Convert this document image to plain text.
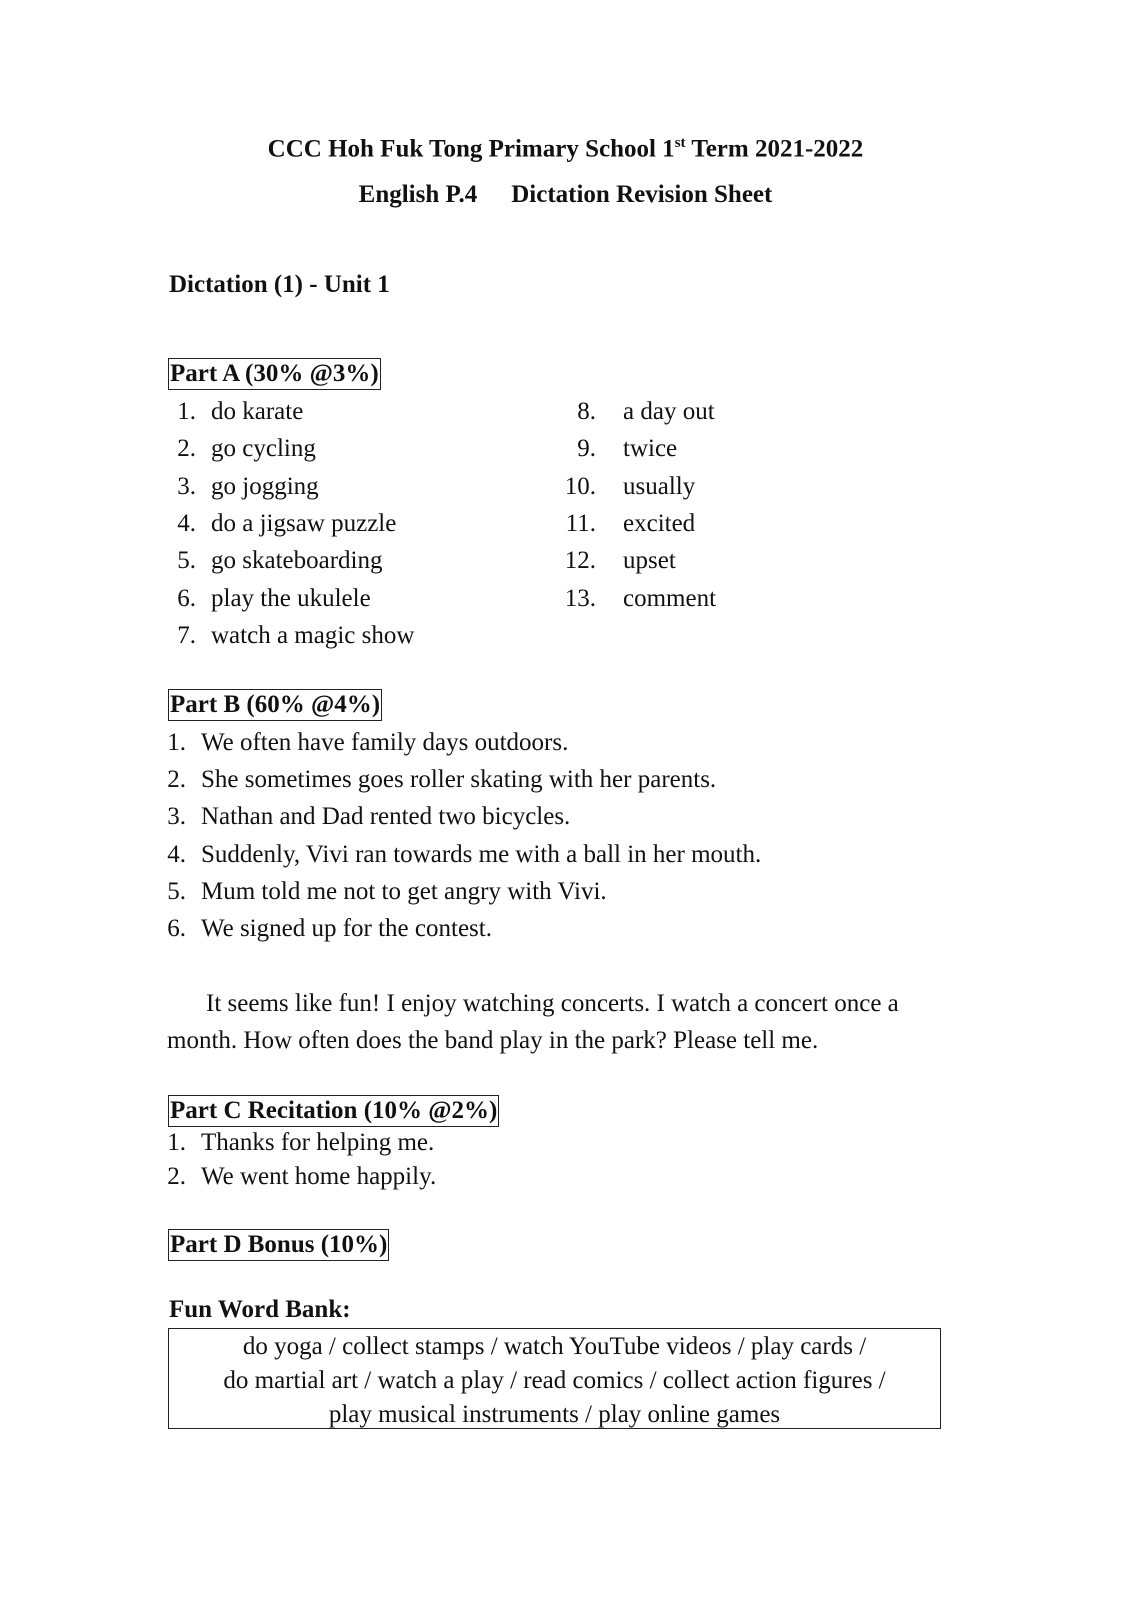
CCC Hoh Fuk Tong Primary School 1st Term 2021-2022
English P.4 Dictation Revision Sheet
Dictation (1) - Unit 1
Part A (30% @3%)
1. do karate
2. go cycling
3. go jogging
4. do a jigsaw puzzle
5. go skateboarding
6. play the ukulele
7. watch a magic show
8. a day out
9. twice
10. usually
11. excited
12. upset
13. comment
Part B (60% @4%)
1. We often have family days outdoors.
2. She sometimes goes roller skating with her parents.
3. Nathan and Dad rented two bicycles.
4. Suddenly, Vivi ran towards me with a ball in her mouth.
5. Mum told me not to get angry with Vivi.
6. We signed up for the contest.
It seems like fun! I enjoy watching concerts. I watch a concert once a
month. How often does the band play in the park? Please tell me.
Part C Recitation (10% @2%)
1. Thanks for helping me.
2. We went home happily.
Part D Bonus (10%)
Fun Word Bank:
do yoga / collect stamps / watch YouTube videos / play cards /
do martial art / watch a play / read comics / collect action figures /
play musical instruments / play online games
